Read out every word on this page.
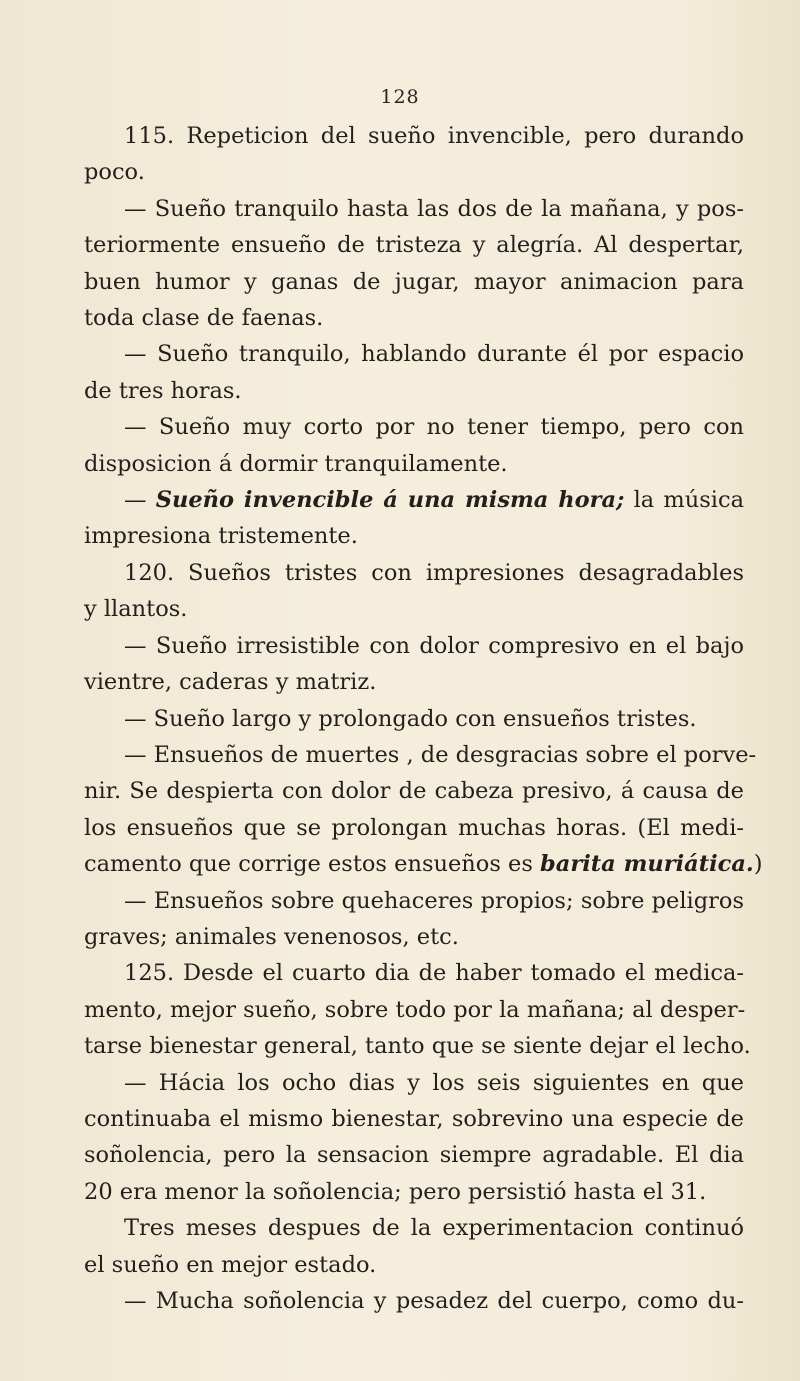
128
115. Repeticion del sueño invencible, pero durando
poco.
— Sueño tranquilo hasta las dos de la mañana, y pos-
teriormente ensueño de tristeza y alegría. Al despertar,
buen humor y ganas de jugar, mayor animacion para
toda clase de faenas.
— Sueño tranquilo, hablando durante él por espacio
de tres horas.
— Sueño muy corto por no tener tiempo, pero con
disposicion á dormir tranquilamente.
— Sueño invencible á una misma hora; la música
impresiona tristemente.
120. Sueños tristes con impresiones desagradables
y llantos.
— Sueño irresistible con dolor compresivo en el bajo
vientre, caderas y matriz.
— Sueño largo y prolongado con ensueños tristes.
— Ensueños de muertes , de desgracias sobre el porve-
nir. Se despierta con dolor de cabeza presivo, á causa de
los ensueños que se prolongan muchas horas. (El medi-
camento que corrige estos ensueños es barita muriática.)
— Ensueños sobre quehaceres propios; sobre peligros
graves; animales venenosos, etc.
125. Desde el cuarto dia de haber tomado el medica-
mento, mejor sueño, sobre todo por la mañana; al desper-
tarse bienestar general, tanto que se siente dejar el lecho.
— Hácia los ocho dias y los seis siguientes en que
continuaba el mismo bienestar, sobrevino una especie de
soñolencia, pero la sensacion siempre agradable. El dia
20 era menor la soñolencia; pero persistió hasta el 31.
Tres meses despues de la experimentacion continuó
el sueño en mejor estado.
— Mucha soñolencia y pesadez del cuerpo, como du-
